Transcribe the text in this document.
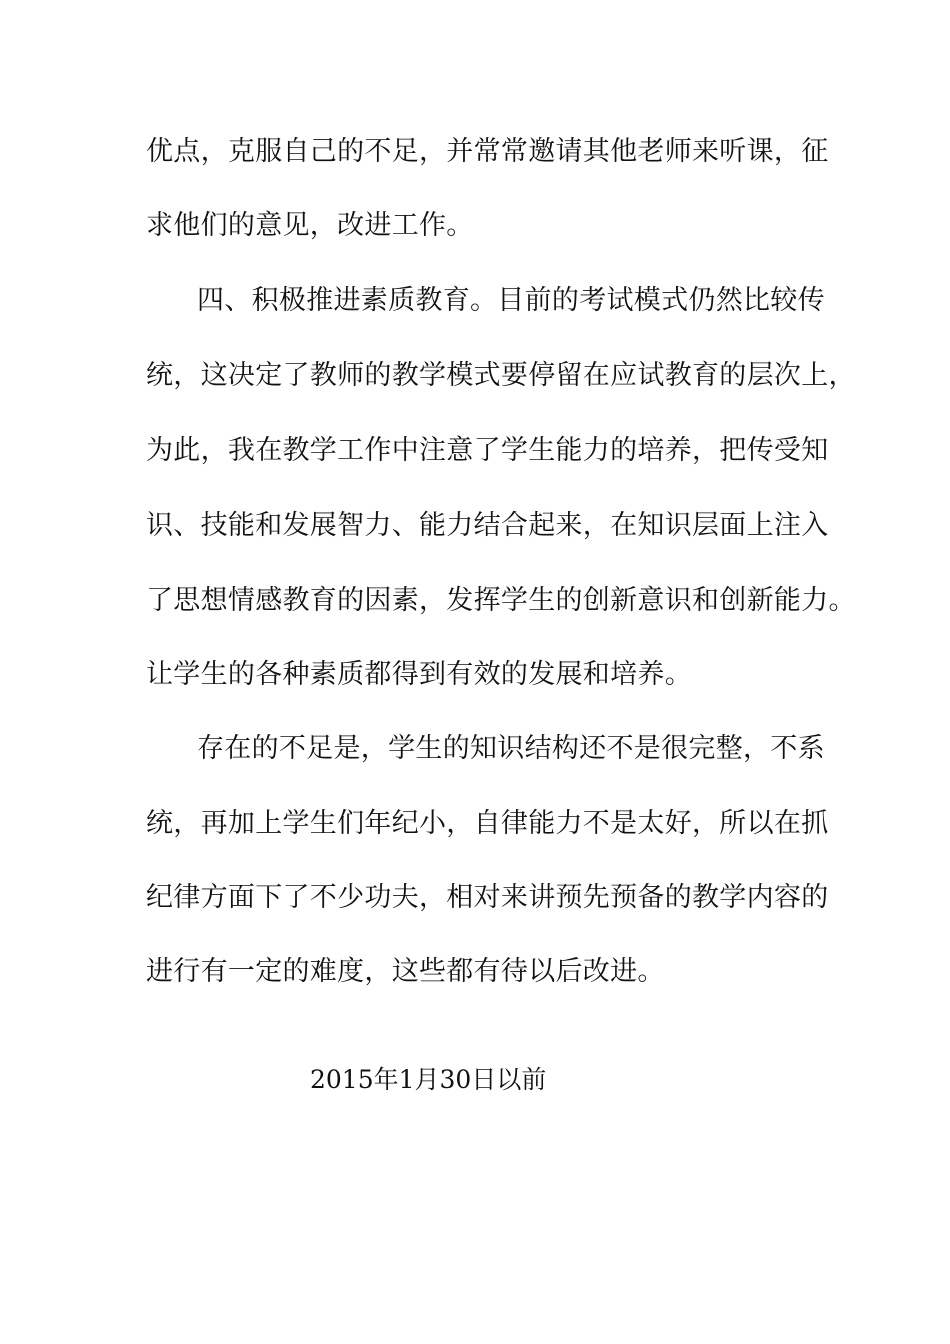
优点，克服自己的不足，并常常邀请其他老师来听课，征
求他们的意见，改进工作。
四、积极推进素质教育。目前的考试模式仍然比较传
统，这决定了教师的教学模式要停留在应试教育的层次上，
为此，我在教学工作中注意了学生能力的培养，把传受知
识、技能和发展智力、能力结合起来，在知识层面上注入
了思想情感教育的因素，发挥学生的创新意识和创新能力。
让学生的各种素质都得到有效的发展和培养。
存在的不足是，学生的知识结构还不是很完整，不系
统，再加上学生们年纪小，自律能力不是太好，所以在抓
纪律方面下了不少功夫，相对来讲预先预备的教学内容的
进行有一定的难度，这些都有待以后改进。
2015年1月30日以前
